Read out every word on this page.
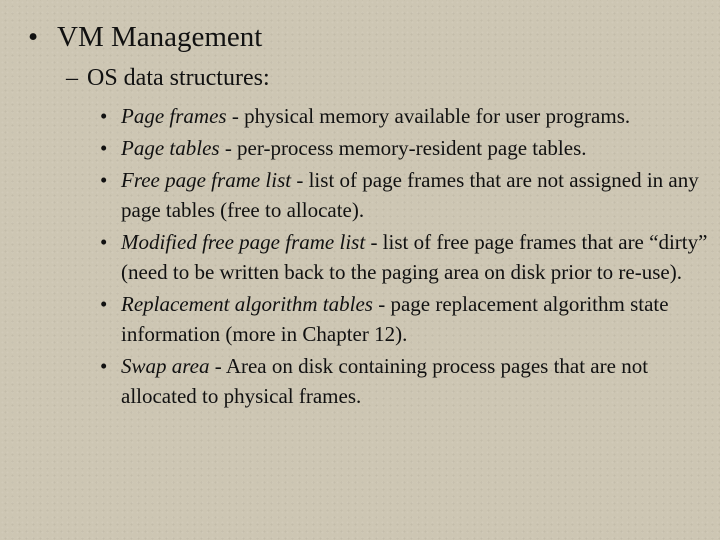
• VM Management
– OS data structures:
• Page frames - physical memory available for user programs.
• Page tables - per-process memory-resident page tables.
• Free page frame list - list of page frames that are not assigned in any page tables (free to allocate).
• Modified free page frame list - list of free page frames that are “dirty” (need to be written back to the paging area on disk prior to re-use).
• Replacement algorithm tables - page replacement algorithm state information (more in Chapter 12).
• Swap area - Area on disk containing process pages that are not allocated to physical frames.
